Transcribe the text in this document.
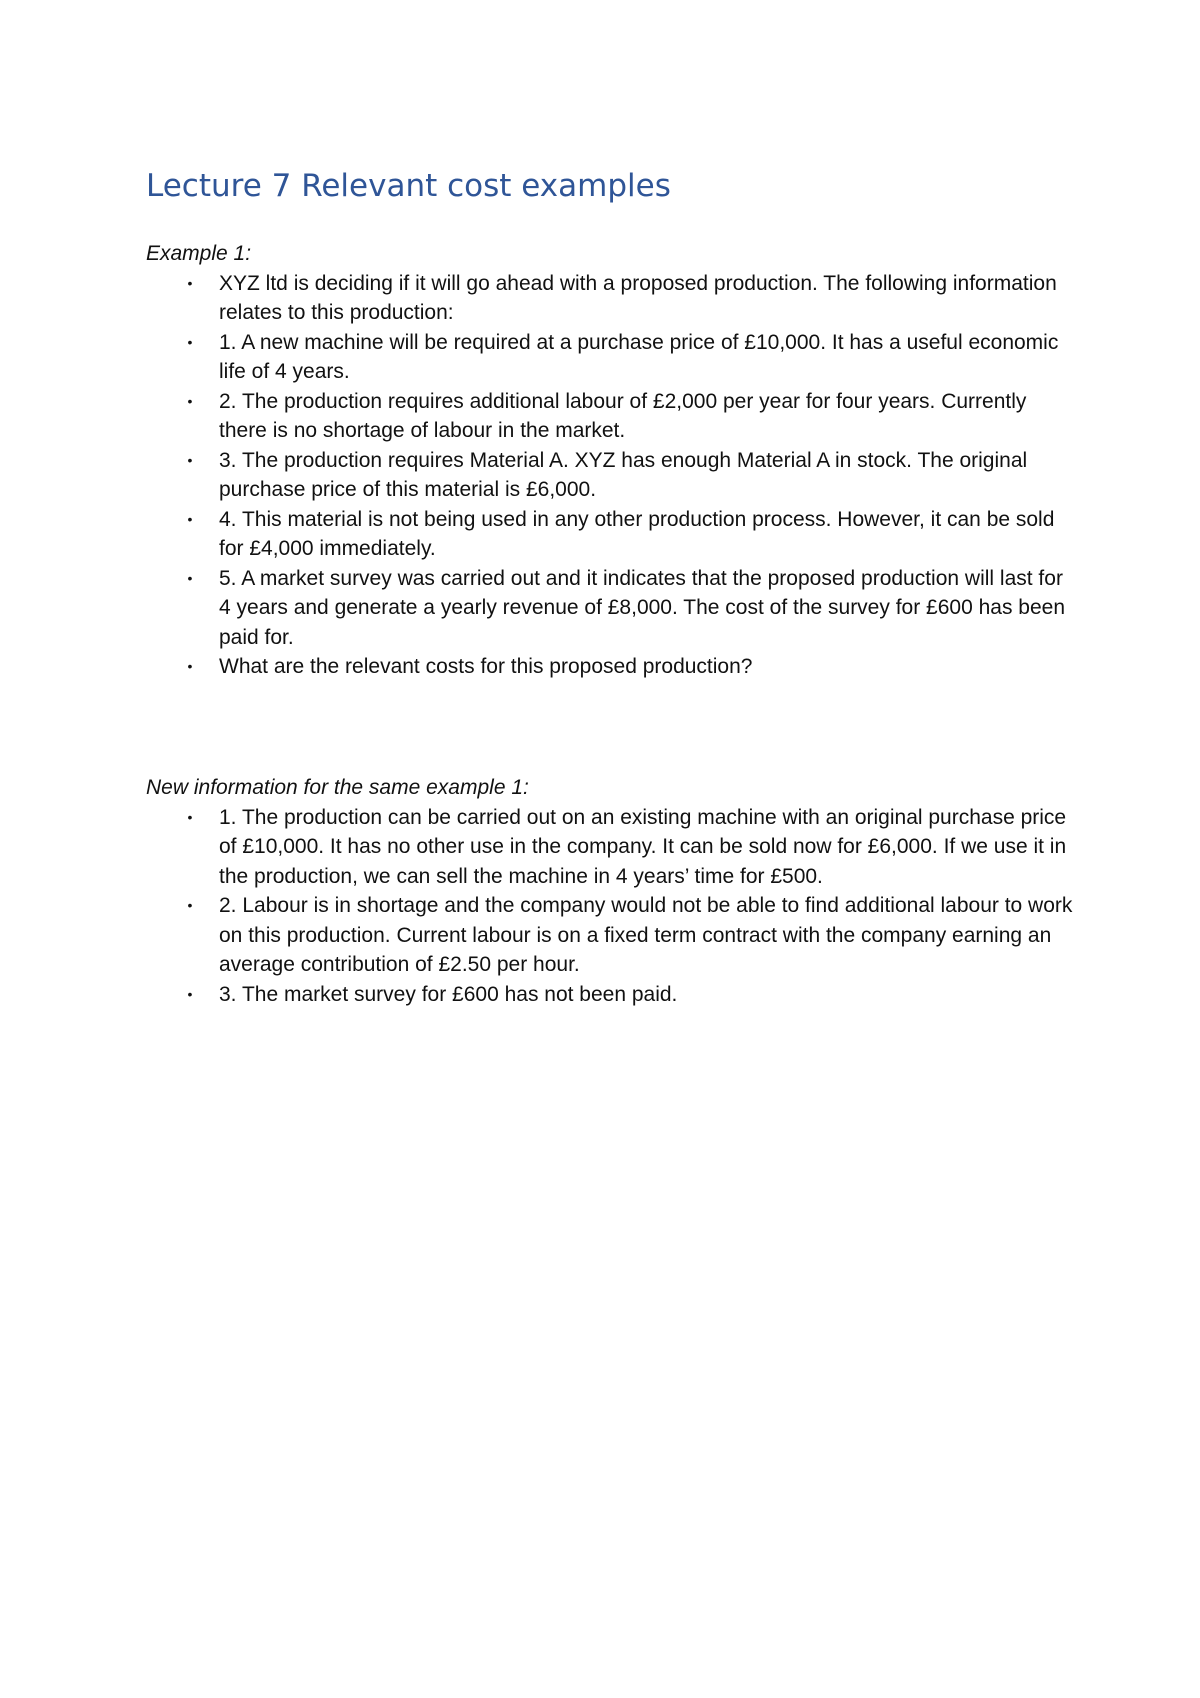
Lecture 7 Relevant cost examples

Example 1:

• XYZ ltd is deciding if it will go ahead with a proposed production. The following information relates to this production:
• 1. A new machine will be required at a purchase price of £10,000. It has a useful economic life of 4 years.
• 2. The production requires additional labour of £2,000 per year for four years. Currently there is no shortage of labour in the market.
• 3. The production requires Material A. XYZ has enough Material A in stock. The original purchase price of this material is £6,000.
• 4. This material is not being used in any other production process. However, it can be sold for £4,000 immediately.
• 5. A market survey was carried out and it indicates that the proposed production will last for 4 years and generate a yearly revenue of £8,000. The cost of the survey for £600 has been paid for.
• What are the relevant costs for this proposed production?

New information for the same example 1:

• 1. The production can be carried out on an existing machine with an original purchase price of £10,000. It has no other use in the company. It can be sold now for £6,000. If we use it in the production, we can sell the machine in 4 years’ time for £500.
• 2. Labour is in shortage and the company would not be able to find additional labour to work on this production. Current labour is on a fixed term contract with the company earning an average contribution of £2.50 per hour.
• 3. The market survey for £600 has not been paid.
